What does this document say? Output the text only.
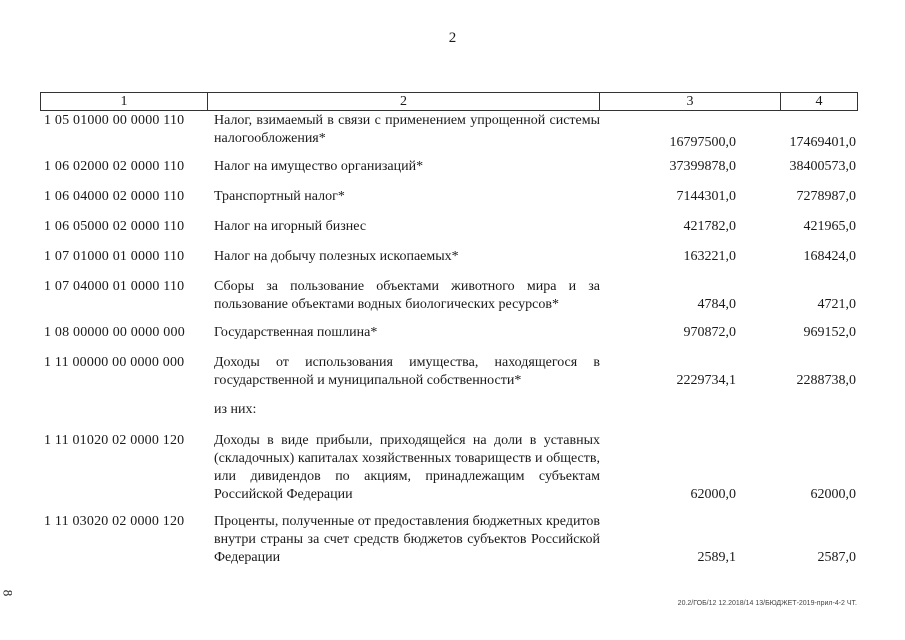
2
1	2	3	4
1 05 01000 00 0000 110 Налог, взимаемый в связи с применением упрощенной системы налогообложения*	16797500,0	17469401,0
1 06 02000 02 0000 110 Налог на имущество организаций*	37399878,0	38400573,0
1 06 04000 02 0000 110 Транспортный налог*	7144301,0	7278987,0
1 06 05000 02 0000 110 Налог на игорный бизнес	421782,0	421965,0
1 07 01000 01 0000 110 Налог на добычу полезных ископаемых*	163221,0	168424,0
1 07 04000 01 0000 110 Сборы за пользование объектами животного мира и за пользование объектами водных биологических ресурсов*	4784,0	4721,0
1 08 00000 00 0000 000 Государственная пошлина*	970872,0	969152,0
1 11 00000 00 0000 000 Доходы от использования имущества, находящегося в государственной и муниципальной собственности*	2229734,1	2288738,0
из них:
1 11 01020 02 0000 120 Доходы в виде прибыли, приходящейся на доли в уставных (складочных) капиталах хозяйственных товариществ и обществ, или дивидендов по акциям, принадлежащим субъектам Российской Федерации	62000,0	62000,0
1 11 03020 02 0000 120 Проценты, полученные от предоставления бюджетных кредитов внутри страны за счет средств бюджетов субъектов Российской Федерации	2589,1	2587,0
8
20.2/ГОБ/12 12.2018/14 13/БЮДЖЕТ-2019-прил-4-2 ЧТ.
